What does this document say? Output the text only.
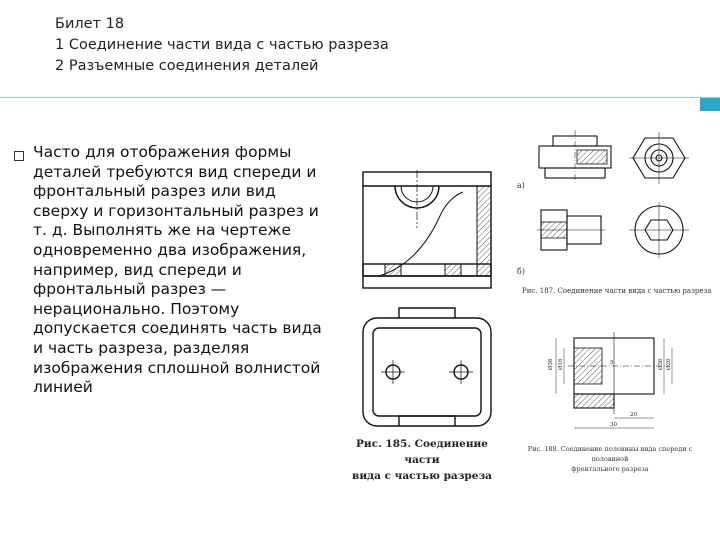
Билет 18
1 Соединение части вида с частью разреза
2 Разъемные соединения деталей
Часто для отображения формы деталей требуются вид спереди и фронтальный разрез или вид сверху и горизонтальный разрез и т. д. Выполнять же на чертеже одновременно два изображения, например, вид спереди и фронтальный разрез — нерационально. Поэтому допускается соединять часть вида и часть разреза, разделяя изображения сплошной волнистой линией
Рис. 185. Соединение части
вида с частью разреза
а)
б)
Рис. 187. Соединение части вида с частью разреза
Ø36 Ø16	Ø36 Ø26
5
20
30
Рис. 188. Соединение половины вида спереди с половиной
фронтального разреза
